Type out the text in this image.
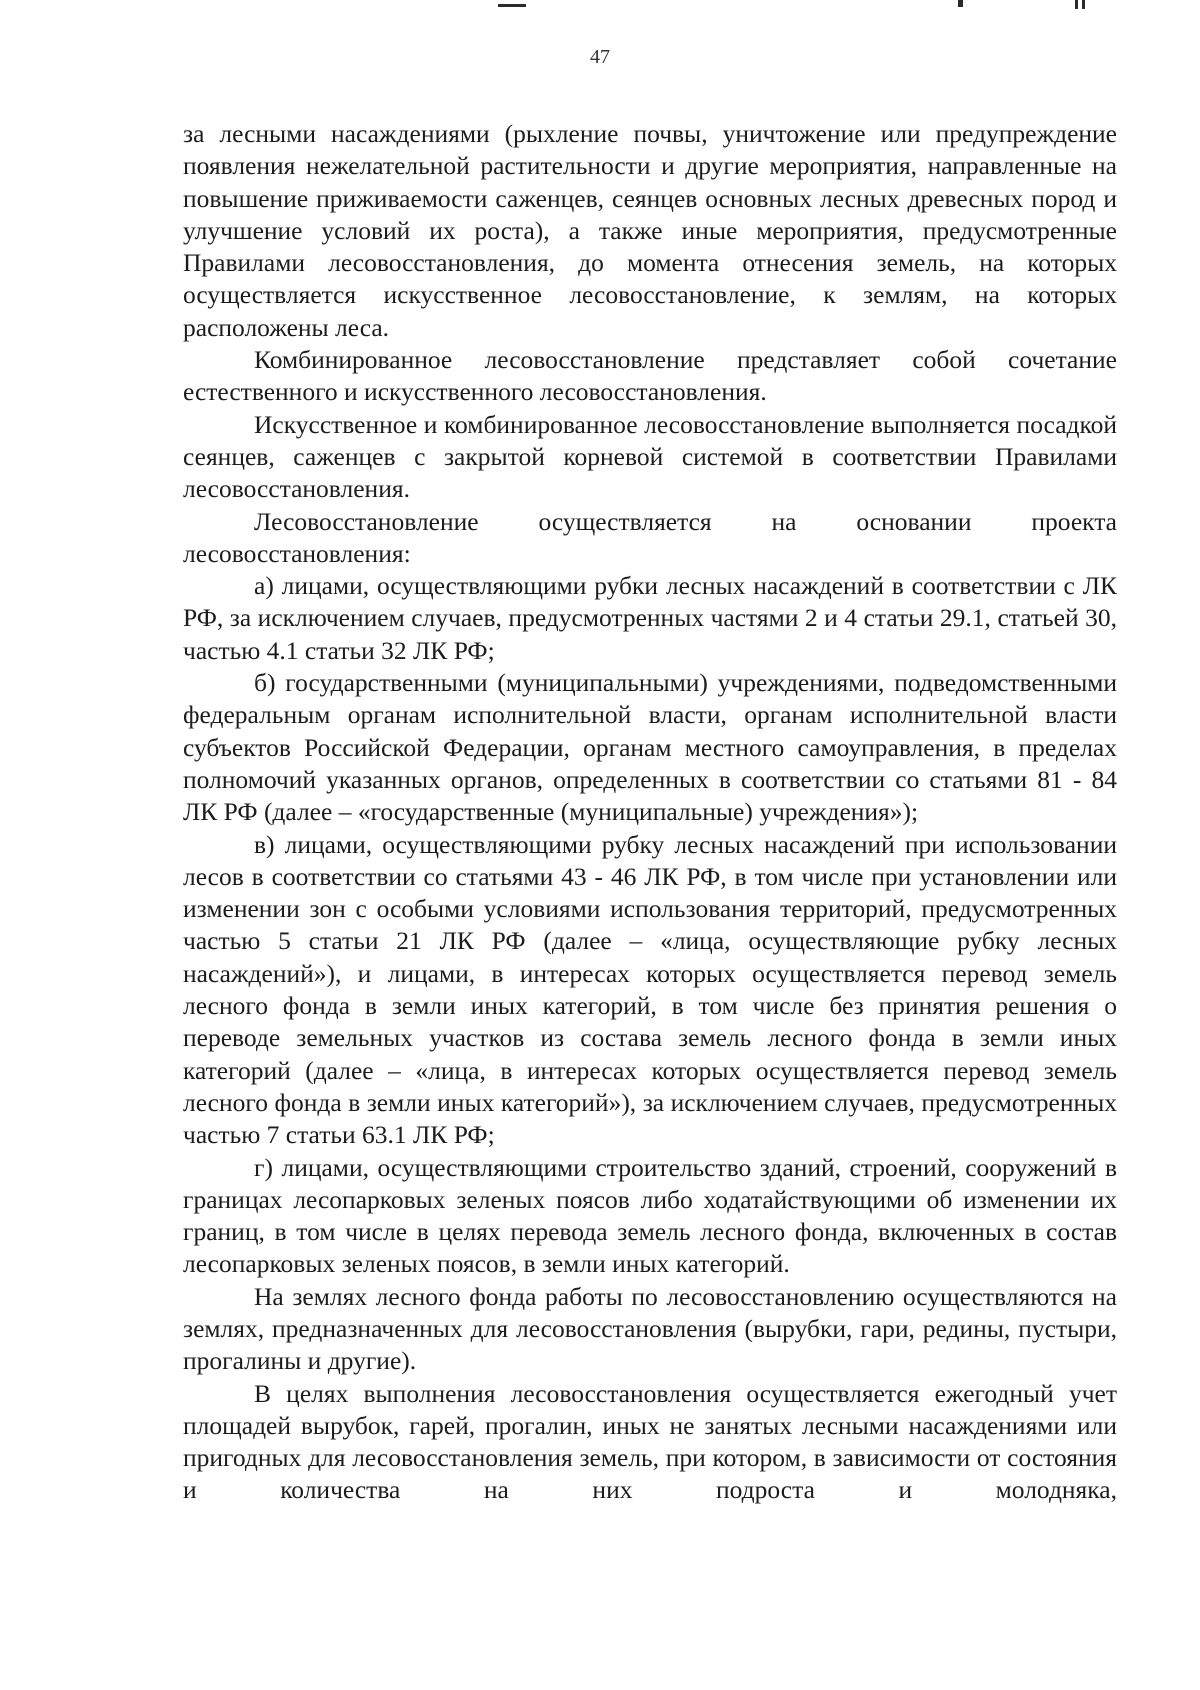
47

за лесными насаждениями (рыхление почвы, уничтожение или предупреждение появления нежелательной растительности и другие мероприятия, направленные на повышение приживаемости саженцев, сеянцев основных лесных древесных пород и улучшение условий их роста), а также иные мероприятия, предусмотренные Правилами лесовосстановления, до момента отнесения земель, на которых осуществляется искусственное лесовосстановление, к землям, на которых расположены леса.

Комбинированное лесовосстановление представляет собой сочетание естественного и искусственного лесовосстановления.

Искусственное и комбинированное лесовосстановление выполняется посадкой сеянцев, саженцев с закрытой корневой системой в соответствии Правилами лесовосстановления.

Лесовосстановление осуществляется на основании проекта лесовосстановления:

а) лицами, осуществляющими рубки лесных насаждений в соответствии с ЛК РФ, за исключением случаев, предусмотренных частями 2 и 4 статьи 29.1, статьей 30, частью 4.1 статьи 32 ЛК РФ;

б) государственными (муниципальными) учреждениями, подведомственными федеральным органам исполнительной власти, органам исполнительной власти субъектов Российской Федерации, органам местного самоуправления, в пределах полномочий указанных органов, определенных в соответствии со статьями 81 - 84 ЛК РФ (далее – «государственные (муниципальные) учреждения»);

в) лицами, осуществляющими рубку лесных насаждений при использовании лесов в соответствии со статьями 43 - 46 ЛК РФ, в том числе при установлении или изменении зон с особыми условиями использования территорий, предусмотренных частью 5 статьи 21 ЛК РФ (далее – «лица, осуществляющие рубку лесных насаждений»), и лицами, в интересах которых осуществляется перевод земель лесного фонда в земли иных категорий, в том числе без принятия решения о переводе земельных участков из состава земель лесного фонда в земли иных категорий (далее – «лица, в интересах которых осуществляется перевод земель лесного фонда в земли иных категорий»), за исключением случаев, предусмотренных частью 7 статьи 63.1 ЛК РФ;

г) лицами, осуществляющими строительство зданий, строений, сооружений в границах лесопарковых зеленых поясов либо ходатайствующими об изменении их границ, в том числе в целях перевода земель лесного фонда, включенных в состав лесопарковых зеленых поясов, в земли иных категорий.

На землях лесного фонда работы по лесовосстановлению осуществляются на землях, предназначенных для лесовосстановления (вырубки, гари, редины, пустыри, прогалины и другие).

В целях выполнения лесовосстановления осуществляется ежегодный учет площадей вырубок, гарей, прогалин, иных не занятых лесными насаждениями или пригодных для лесовосстановления земель, при котором, в зависимости от состояния и количества на них подроста и молодняка,
